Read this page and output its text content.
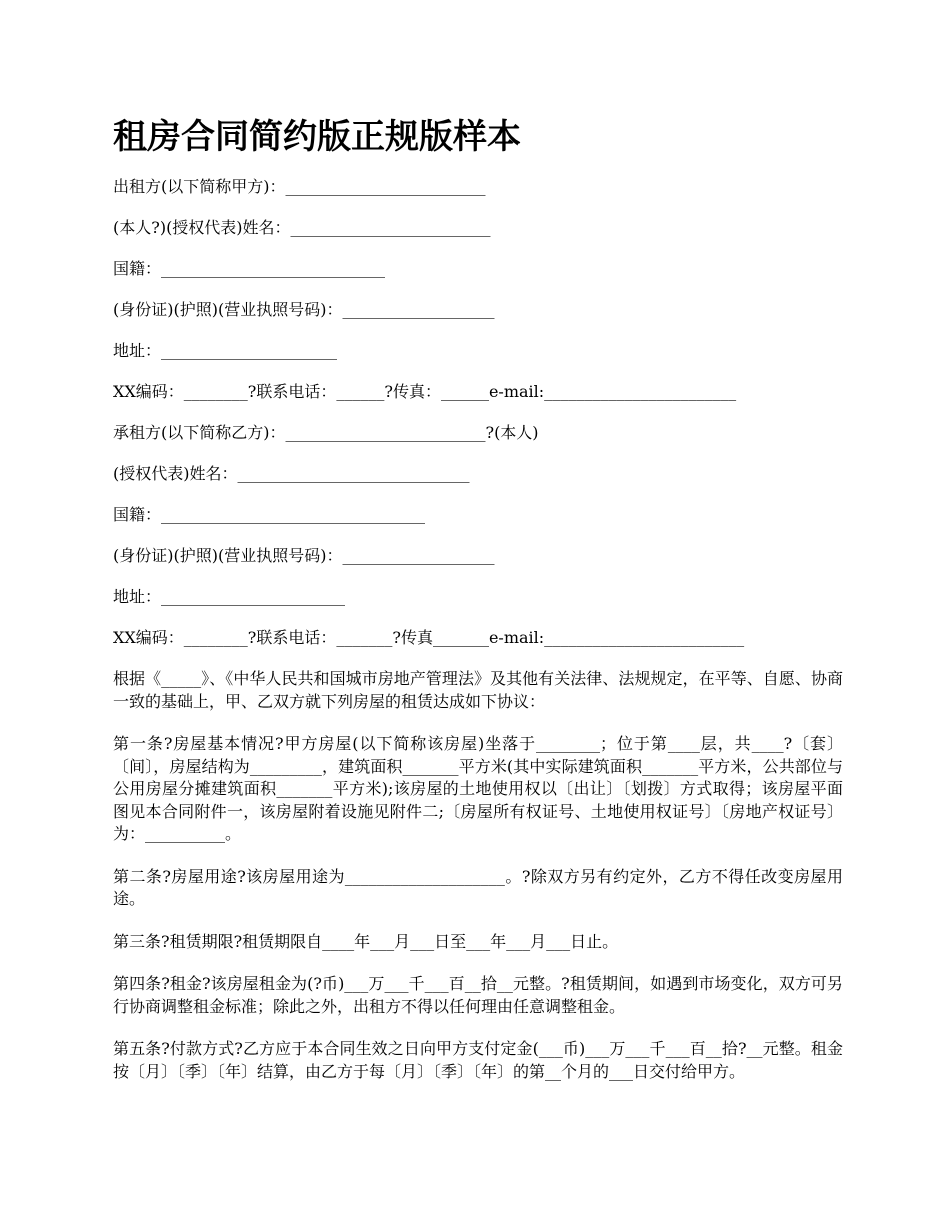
租房合同简约版正规版样本
出租方(以下简称甲方)：_________________________
(本人?)(授权代表)姓名：_________________________
国籍：____________________________
(身份证)(护照)(营业执照号码)：___________________
地址：______________________
XX编码：________?联系电话：______?传真：______e-mail:________________________
承租方(以下简称乙方)：_________________________?(本人)
(授权代表)姓名：_____________________________
国籍：_________________________________
(身份证)(护照)(营业执照号码)：___________________
地址：_______________________
XX编码：________?联系电话：_______?传真_______e-mail:_________________________

根据《_____》、《中华人民共和国城市房地产管理法》及其他有关法律、法规规定，在平等、自愿、协商一致的基础上，甲、乙双方就下列房屋的租赁达成如下协议：

第一条?房屋基本情况?甲方房屋(以下简称该房屋)坐落于________；位于第____层，共____?〔套〕〔间〕，房屋结构为_________，建筑面积_______平方米(其中实际建筑面积_______平方米，公共部位与公用房屋分摊建筑面积_______平方米);该房屋的土地使用权以〔出让〕〔划拨〕方式取得；该房屋平面图见本合同附件一，该房屋附着设施见附件二;〔房屋所有权证号、土地使用权证号〕〔房地产权证号〕为：__________。

第二条?房屋用途?该房屋用途为____________________。?除双方另有约定外，乙方不得任改变房屋用途。

第三条?租赁期限?租赁期限自____年___月___日至___年___月___日止。

第四条?租金?该房屋租金为(?币)___万___千___百__拾__元整。?租赁期间，如遇到市场变化，双方可另行协商调整租金标准；除此之外，出租方不得以任何理由任意调整租金。

第五条?付款方式?乙方应于本合同生效之日向甲方支付定金(___币)___万___千___百__拾?__元整。租金按〔月〕〔季〕〔年〕结算，由乙方于每〔月〕〔季〕〔年〕的第__个月的___日交付给甲方。
